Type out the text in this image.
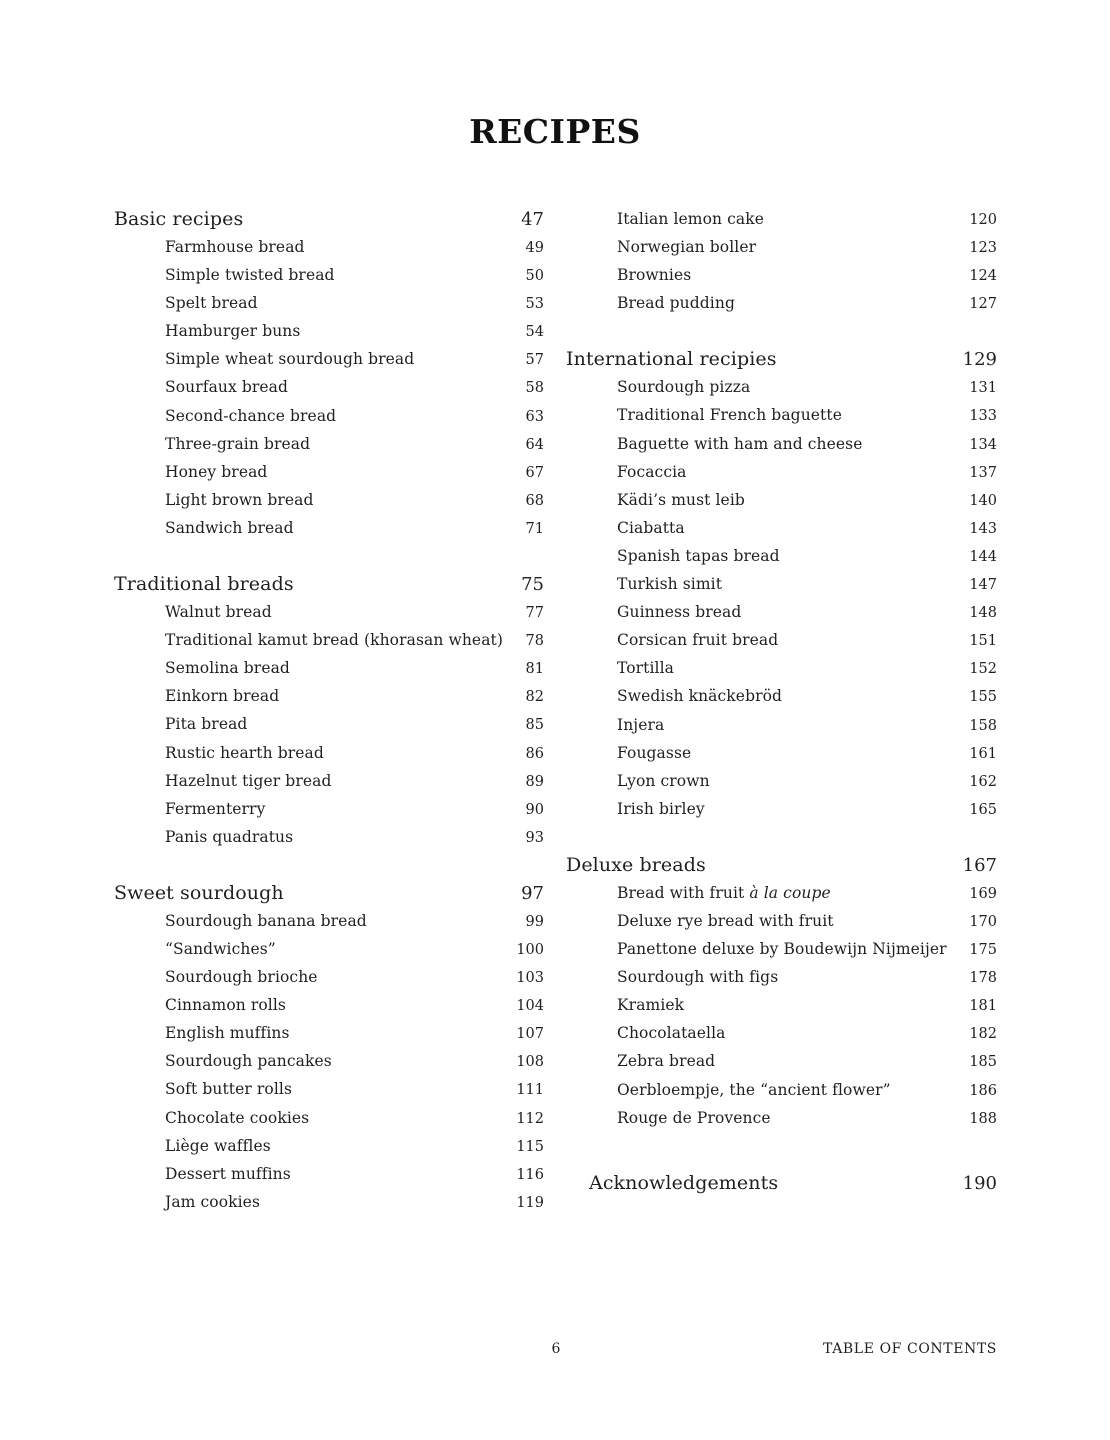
RECIPES
Basic recipes	47
Farmhouse bread	49
Simple twisted bread	50
Spelt bread	53
Hamburger buns	54
Simple wheat sourdough bread	57
Sourfaux bread	58
Second-chance bread	63
Three-grain bread	64
Honey bread	67
Light brown bread	68
Sandwich bread	71
Traditional breads	75
Walnut bread	77
Traditional kamut bread (khorasan wheat) 78
Semolina bread	81
Einkorn bread	82
Pita bread	85
Rustic hearth bread	86
Hazelnut tiger bread	89
Fermenterry	90
Panis quadratus	93
Sweet sourdough	97
Sourdough banana bread	99
“Sandwiches”	100
Sourdough brioche	103
Cinnamon rolls	104
English muffins	107
Sourdough pancakes	108
Soft butter rolls	111
Chocolate cookies	112
Liège waffles	115
Dessert muffins	116
Jam cookies	119
Italian lemon cake	120
Norwegian boller	123
Brownies	124
Bread pudding	127
International recipies	129
Sourdough pizza	131
Traditional French baguette	133
Baguette with ham and cheese	134
Focaccia	137
Kädi’s must leib	140
Ciabatta	143
Spanish tapas bread	144
Turkish simit	147
Guinness bread	148
Corsican fruit bread	151
Tortilla	152
Swedish knäckebröd	155
Injera	158
Fougasse	161
Lyon crown	162
Irish birley	165
Deluxe breads	167
Bread with fruit à la coupe	169
Deluxe rye bread with fruit	170
Panettone deluxe by Boudewijn Nijmeijer 175
Sourdough with figs	178
Kramiek	181
Chocolataella	182
Zebra bread	185
Oerbloempje, the “ancient flower”	186
Rouge de Provence	188
Acknowledgements	190
6	TABLE OF CONTENTS
